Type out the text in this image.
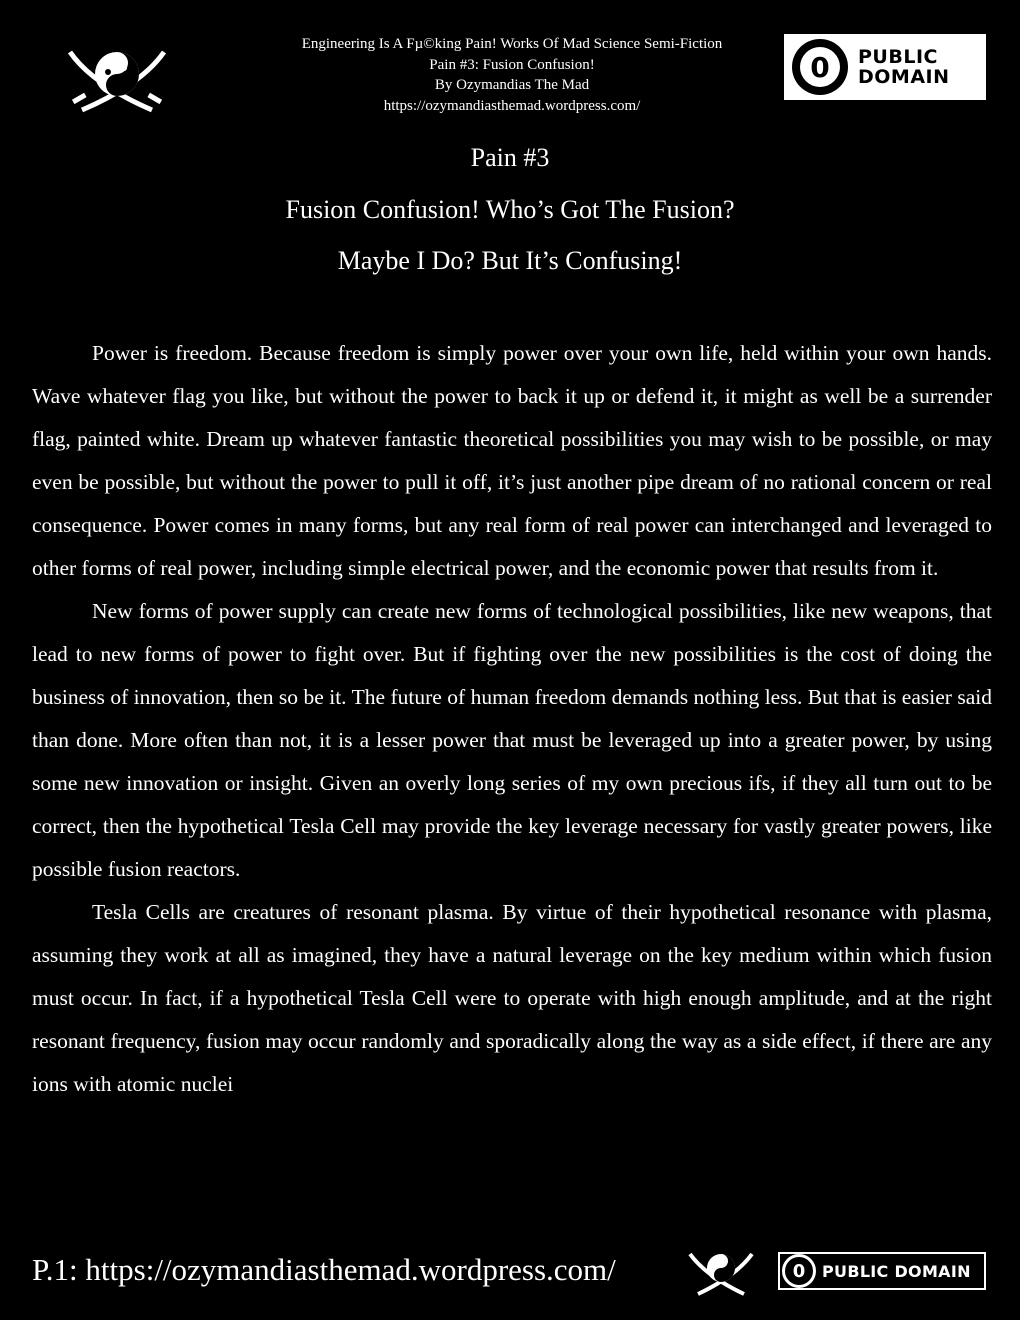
Engineering Is A Fµ©king Pain! Works Of Mad Science Semi-Fiction
Pain #3: Fusion Confusion!
By Ozymandias The Mad
https://ozymandiasthemad.wordpress.com/
0	PUBLIC
DOMAIN
Pain #3
Fusion Confusion! Who’s Got The Fusion?
Maybe I Do? But It’s Confusing!

Power is freedom. Because freedom is simply power over your own life, held within your own hands. Wave whatever flag you like, but without the power to back it up or defend it, it might as well be a surrender flag, painted white. Dream up whatever fantastic theoretical possibilities you may wish to be possible, or may even be possible, but without the power to pull it off, it’s just another pipe dream of no rational concern or real consequence. Power comes in many forms, but any real form of real power can interchanged and leveraged to other forms of real power, including simple electrical power, and the economic power that results from it.

New forms of power supply can create new forms of technological possibilities, like new weapons, that lead to new forms of power to fight over. But if fighting over the new possibilities is the cost of doing the business of innovation, then so be it. The future of human freedom demands nothing less. But that is easier said than done. More often than not, it is a lesser power that must be leveraged up into a greater power, by using some new innovation or insight. Given an overly long series of my own precious ifs, if they all turn out to be correct, then the hypothetical Tesla Cell may provide the key leverage necessary for vastly greater powers, like possible fusion reactors.

Tesla Cells are creatures of resonant plasma. By virtue of their hypothetical resonance with plasma, assuming they work at all as imagined, they have a natural leverage on the key medium within which fusion must occur. In fact, if a hypothetical Tesla Cell were to operate with high enough amplitude, and at the right resonant frequency, fusion may occur randomly and sporadically along the way as a side effect, if there are any ions with atomic nuclei

P.1: https://ozymandiasthemad.wordpress.com/	0	PUBLIC DOMAIN
